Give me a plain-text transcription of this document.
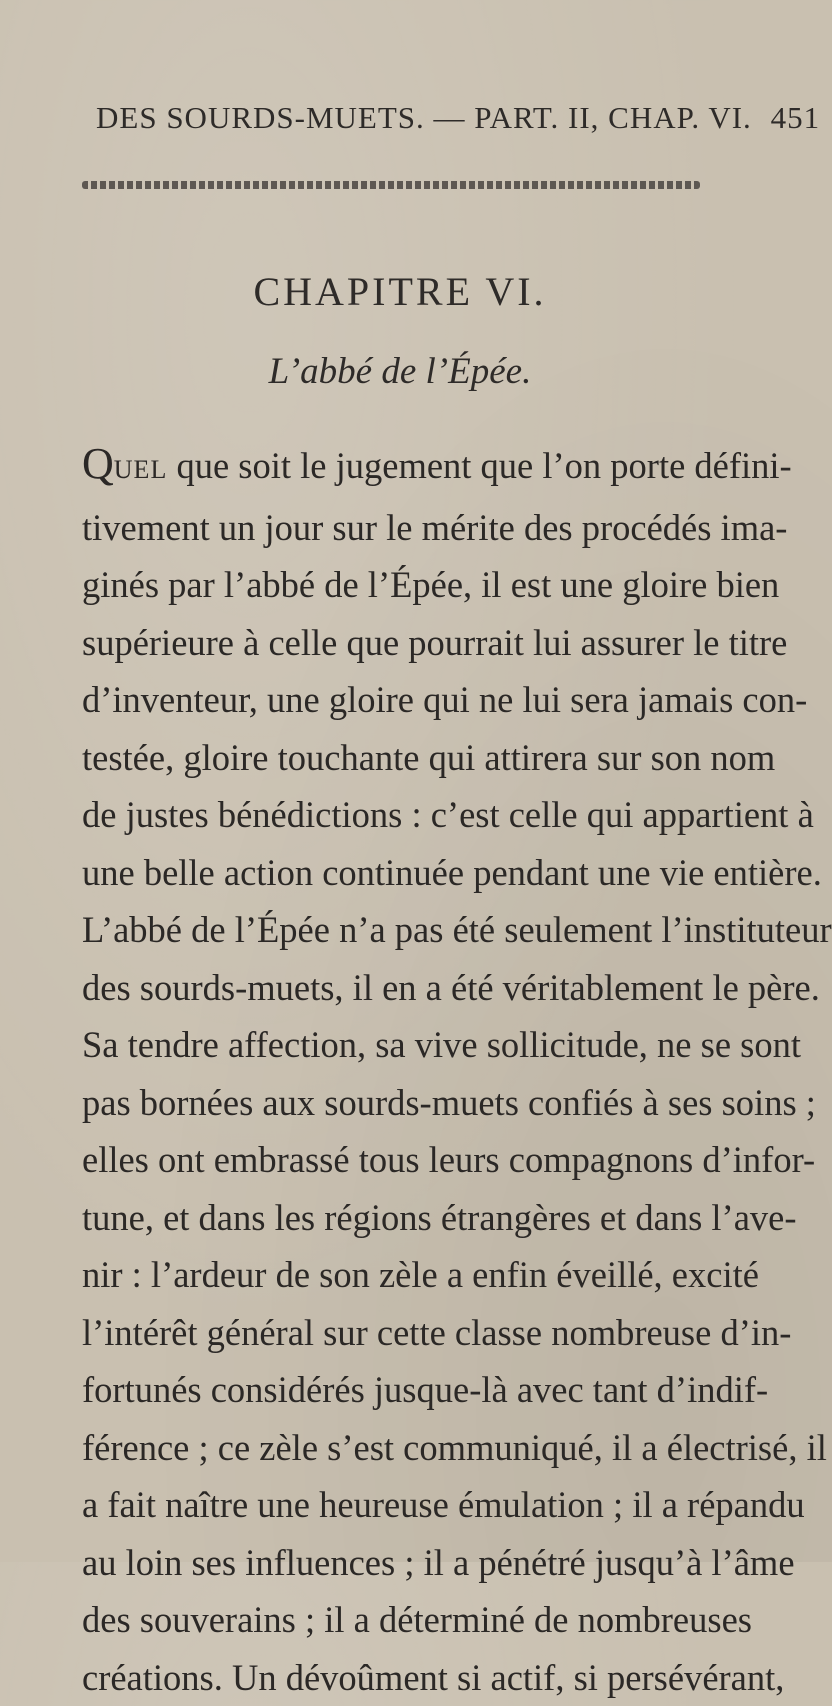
DES SOURDS-MUETS. — PART. II, CHAP. VI. 451
CHAPITRE VI.
L’abbé de l’Épée.
QUEL que soit le jugement que l’on porte défini-
tivement un jour sur le mérite des procédés ima-
ginés par l’abbé de l’Épée, il est une gloire bien
supérieure à celle que pourrait lui assurer le titre
d’inventeur, une gloire qui ne lui sera jamais con-
testée, gloire touchante qui attirera sur son nom
de justes bénédictions : c’est celle qui appartient à
une belle action continuée pendant une vie entière.
L’abbé de l’Épée n’a pas été seulement l’instituteur
des sourds-muets, il en a été véritablement le père.
Sa tendre affection, sa vive sollicitude, ne se sont
pas bornées aux sourds-muets confiés à ses soins ;
elles ont embrassé tous leurs compagnons d’infor-
tune, et dans les régions étrangères et dans l’ave-
nir : l’ardeur de son zèle a enfin éveillé, excité
l’intérêt général sur cette classe nombreuse d’in-
fortunés considérés jusque-là avec tant d’indif-
férence ; ce zèle s’est communiqué, il a électrisé, il
a fait naître une heureuse émulation ; il a répandu
au loin ses influences ; il a pénétré jusqu’à l’âme
des souverains ; il a déterminé de nombreuses
créations. Un dévoûment si actif, si persévérant,
